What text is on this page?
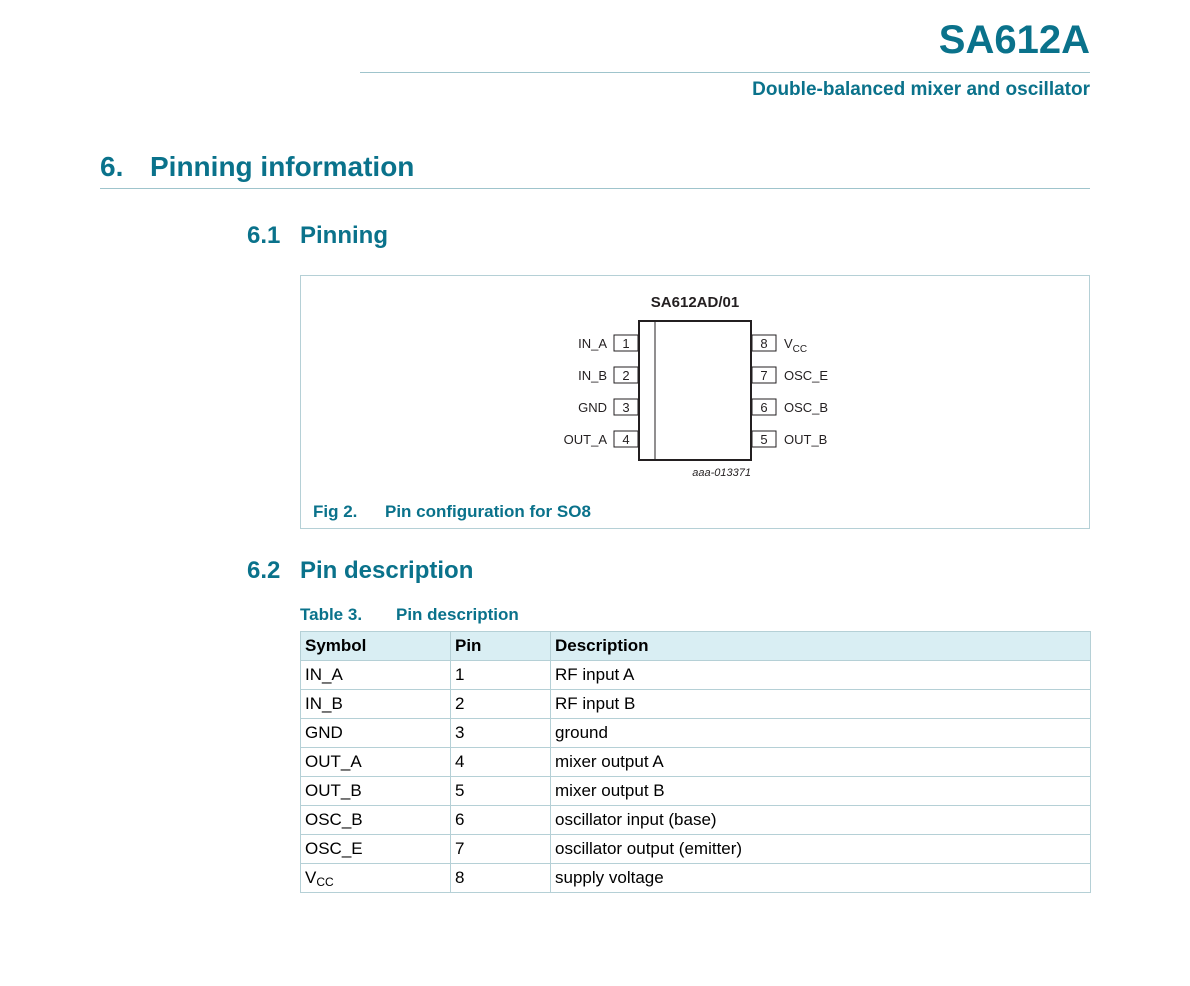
SA612A
Double-balanced mixer and oscillator
6. Pinning information
6.1 Pinning
SA612AD/01
1
IN_A
2
IN_B
3
GND
4
OUT_A
8 $V_{CC}$
7 OSC_E
6 OSC_B
5 OUT_B
aaa-013371
Fig 2. Pin configuration for SO8
6.2 Pin description
Table 3. Pin description
Symbol	Pin	Description
IN_A	1	RF input A
IN_B	2	RF input B
GND	3	ground
OUT_A	4	mixer output A
OUT_B	5	mixer output B
OSC_B	6	oscillator input (base)
OSC_E	7	oscillator output (emitter)
$V_{CC}$	8	supply voltage
